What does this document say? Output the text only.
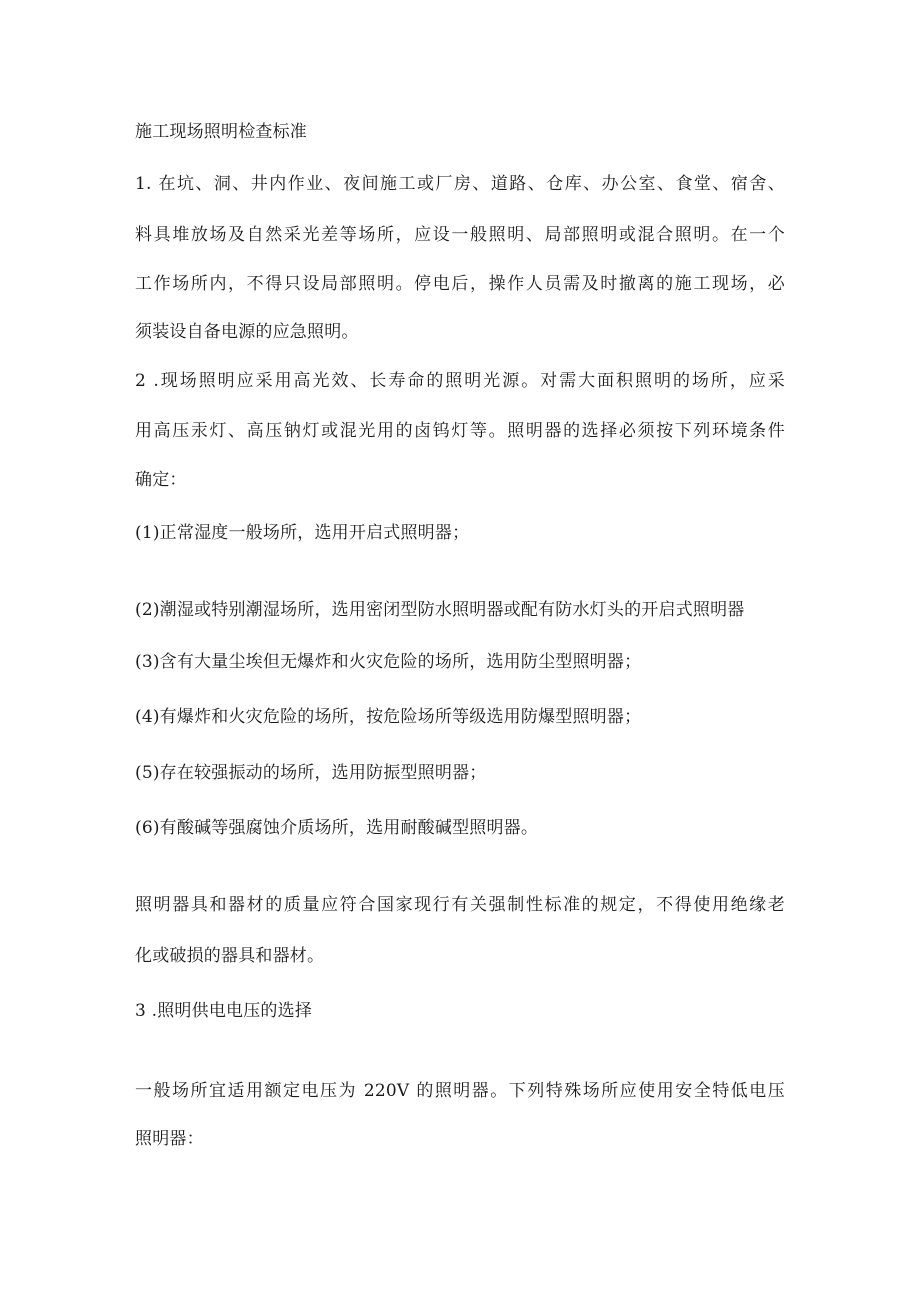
施工现场照明检查标准
1. 在坑、洞、井内作业、夜间施工或厂房、道路、仓库、办公室、食堂、宿舍、
料具堆放场及自然采光差等场所，应设一般照明、局部照明或混合照明。在一个
工作场所内，不得只设局部照明。停电后，操作人员需及时撤离的施工现场，必
须装设自备电源的应急照明。
2 .现场照明应采用高光效、长寿命的照明光源。对需大面积照明的场所，应采
用高压汞灯、高压钠灯或混光用的卤钨灯等。照明器的选择必须按下列环境条件
确定：
(1)正常湿度一般场所，选用开启式照明器；
(2)潮湿或特别潮湿场所，选用密闭型防水照明器或配有防水灯头的开启式照明器
(3)含有大量尘埃但无爆炸和火灾危险的场所，选用防尘型照明器；
(4)有爆炸和火灾危险的场所，按危险场所等级选用防爆型照明器；
(5)存在较强振动的场所，选用防振型照明器；
(6)有酸碱等强腐蚀介质场所，选用耐酸碱型照明器。
照明器具和器材的质量应符合国家现行有关强制性标准的规定，不得使用绝缘老
化或破损的器具和器材。
3 .照明供电电压的选择
一般场所宜适用额定电压为 220V 的照明器。下列特殊场所应使用安全特低电压
照明器：
